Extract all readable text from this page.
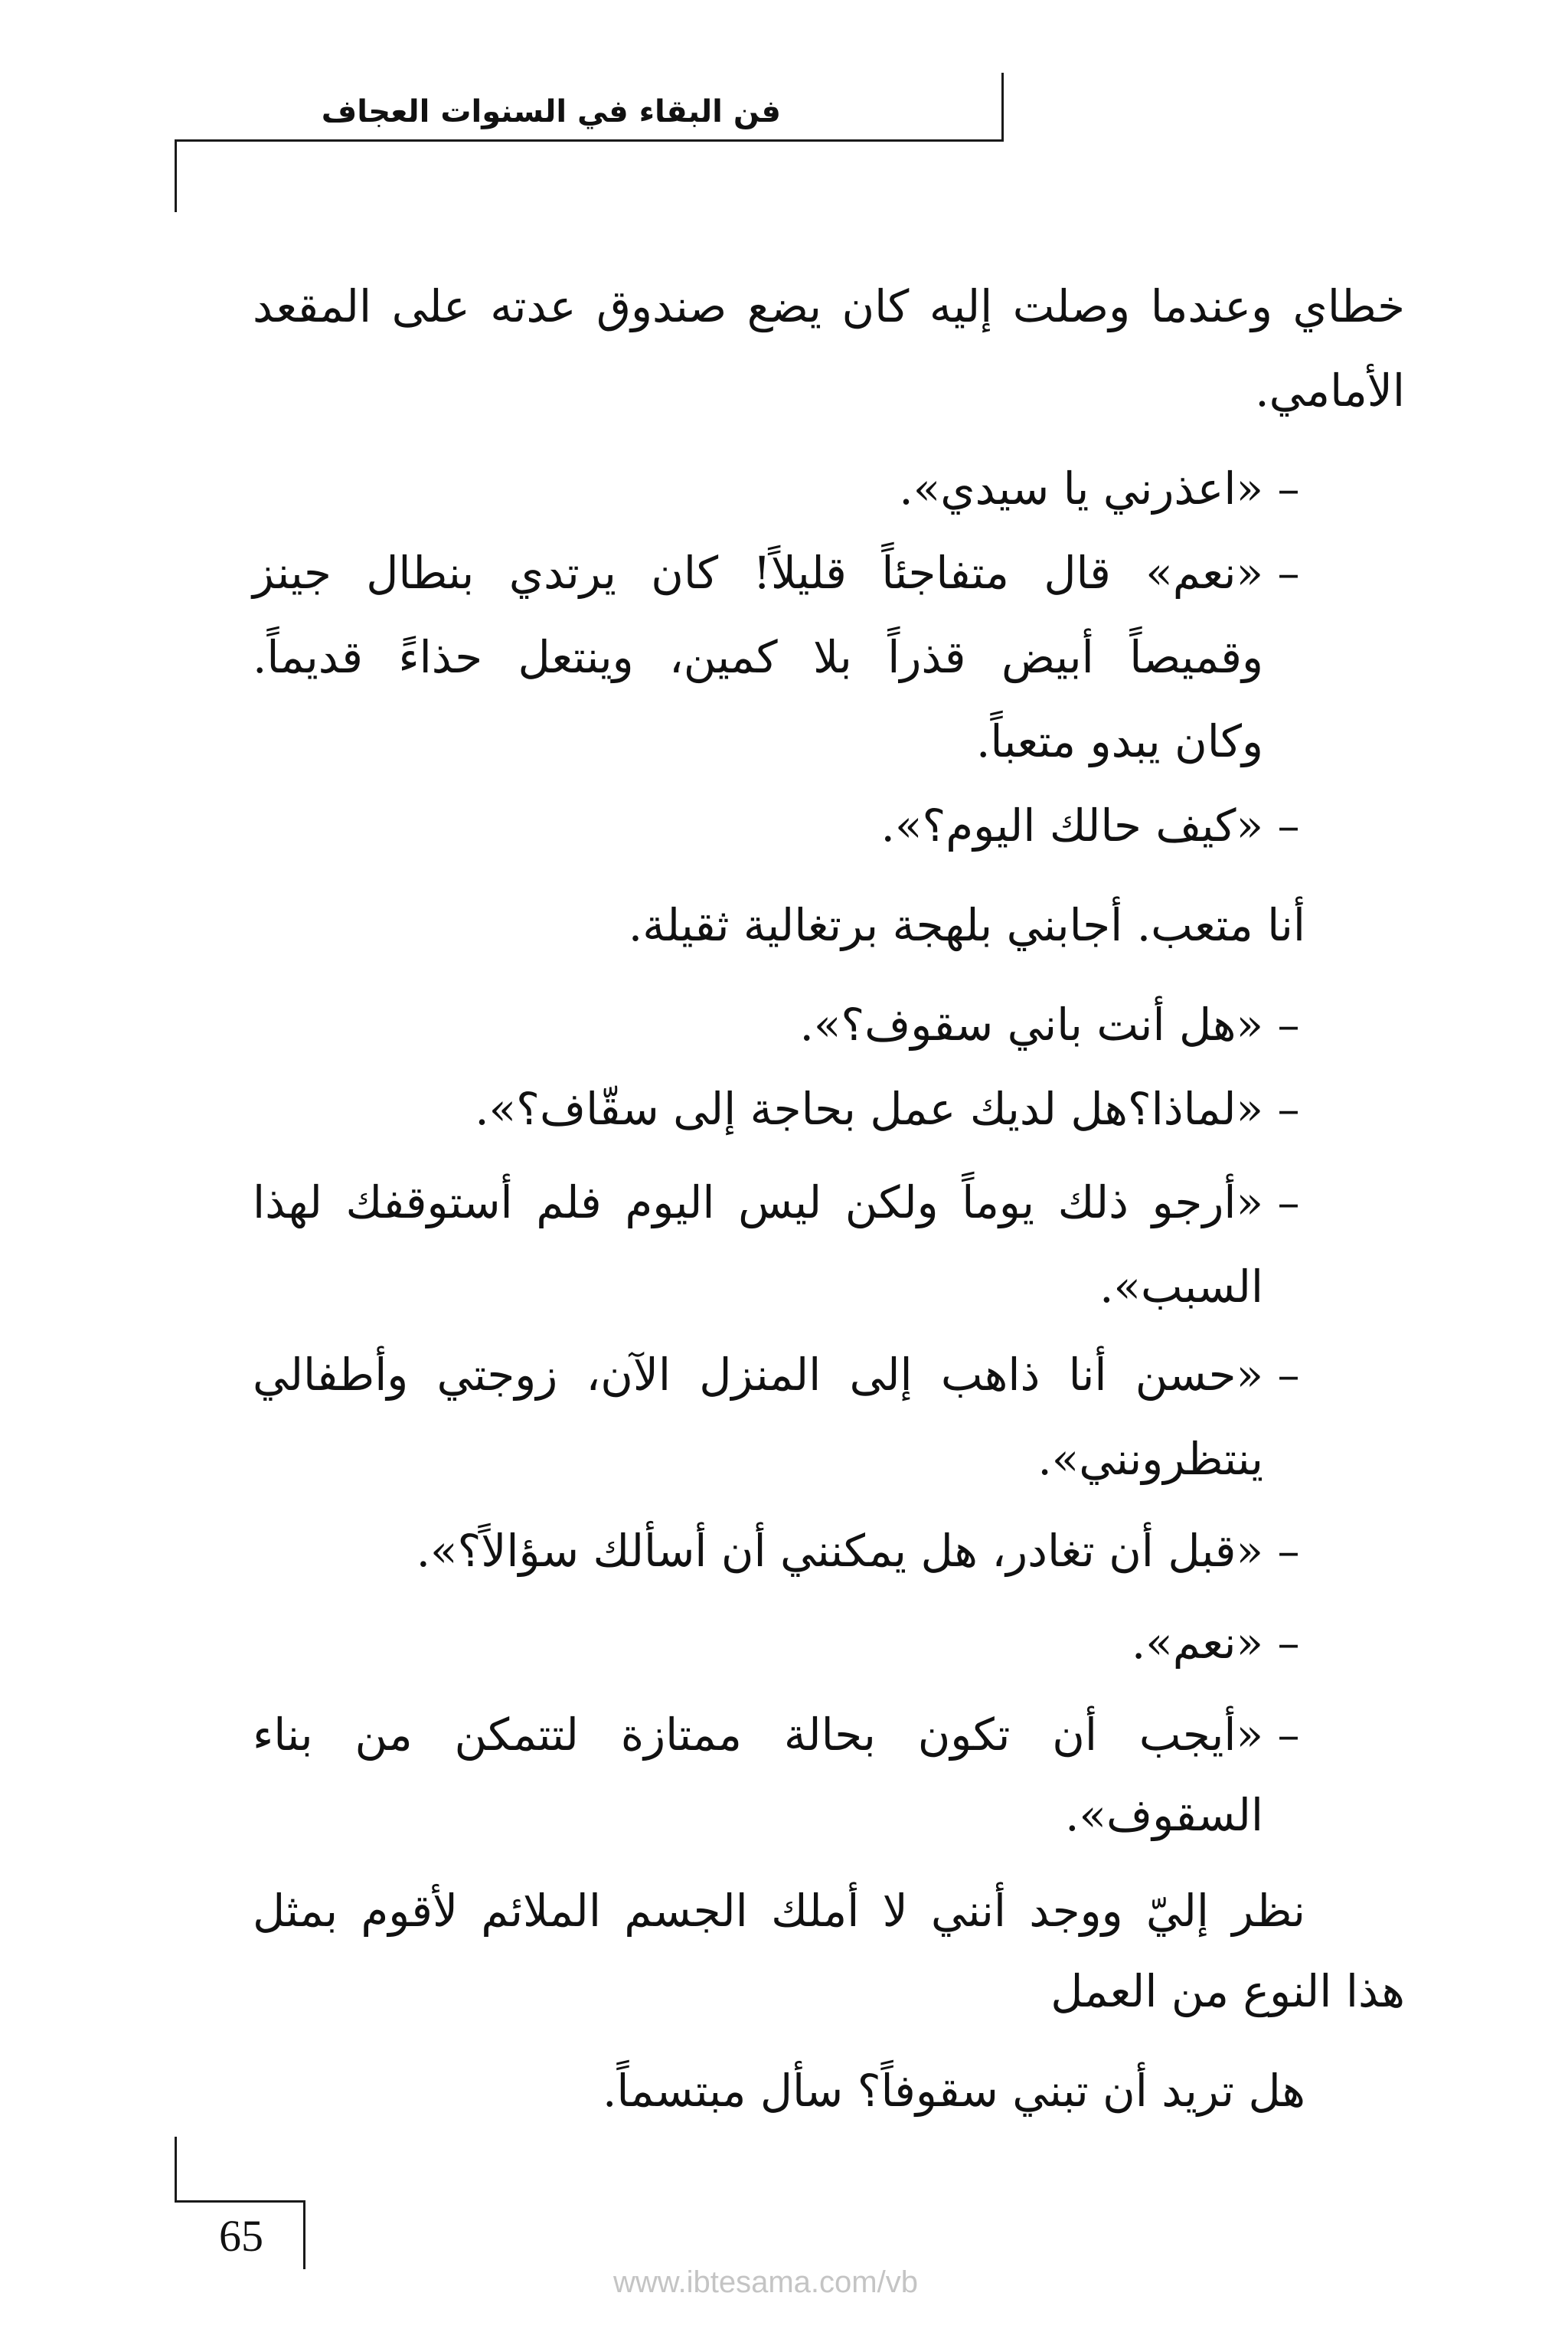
فن البقاء في السنوات العجاف
خطاي وعندما وصلت إليه كان يضع صندوق عدته على المقعد
الأمامي.
–
«اعذرني يا سيدي».
–
«نعم» قال متفاجئاً قليلاً! كان يرتدي بنطال جينز
وقميصاً أبيض قذراً بلا كمين، وينتعل حذاءً قديماً.
وكان يبدو متعباً.
–
«كيف حالك اليوم؟».
أنا متعب. أجابني بلهجة برتغالية ثقيلة.
–
«هل أنت باني سقوف؟».
–
«لماذا؟هل لديك عمل بحاجة إلى سقّاف؟».
–
«أرجو ذلك يوماً ولكن ليس اليوم فلم أستوقفك لهذا
السبب».
–
«حسن أنا ذاهب إلى المنزل الآن، زوجتي وأطفالي
ينتظرونني».
–
«قبل أن تغادر، هل يمكنني أن أسألك سؤالاً؟».
–
«نعم».
–
«أيجب أن تكون بحالة ممتازة لتتمكن من بناء
السقوف».
نظر إليّ ووجد أنني لا أملك الجسم الملائم لأقوم بمثل
هذا النوع من العمل
هل تريد أن تبني سقوفاً؟ سأل مبتسماً.
65
www.ibtesama.com/vb
